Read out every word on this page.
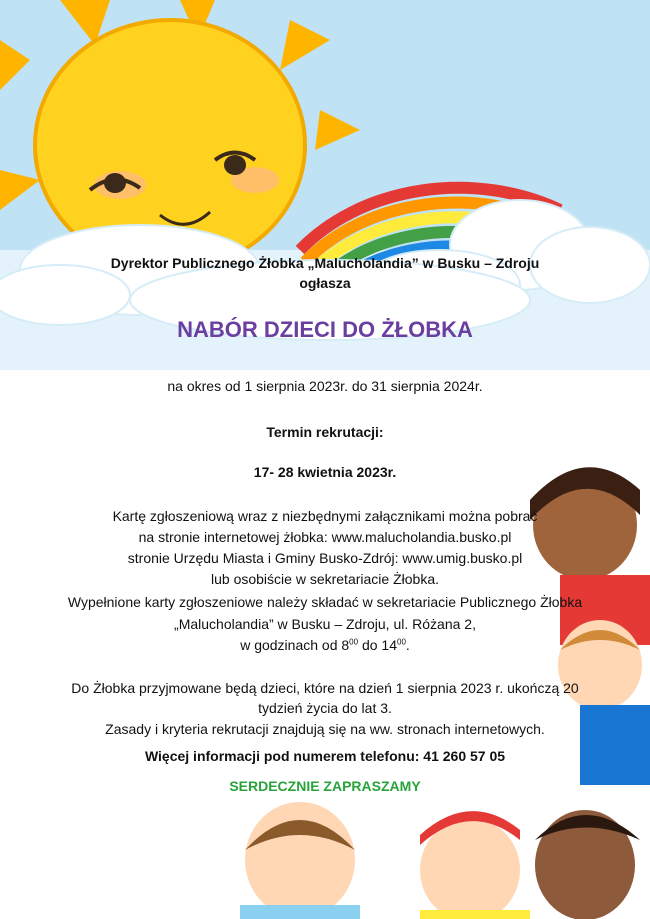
Dyrektor Publicznego Żłobka „Malucholandia” w Busku – Zdroju
ogłasza
NABÓR DZIECI DO ŻŁOBKA
na okres od 1 sierpnia 2023r. do 31 sierpnia 2024r.
Termin rekrutacji:
17- 28 kwietnia 2023r.
Kartę zgłoszeniową wraz z niezbędnymi załącznikami można pobrać
na stronie internetowej żłobka: www.malucholandia.busko.pl
stronie Urzędu Miasta i Gminy Busko-Zdrój: www.umig.busko.pl
lub osobiście w sekretariacie Żłobka.
Wypełnione karty zgłoszeniowe należy składać w sekretariacie Publicznego Żłobka
„Malucholandia” w Busku – Zdroju, ul. Różana 2,
w godzinach od $8^{00}$ do $14^{00}$.
Do Żłobka przyjmowane będą dzieci, które na dzień 1 sierpnia 2023 r. ukończą 20
tydzień życia do lat 3.
Zasady i kryteria rekrutacji znajdują się na ww. stronach internetowych.
Więcej informacji pod numerem telefonu: 41 260 57 05
SERDECZNIE ZAPRASZAMY
